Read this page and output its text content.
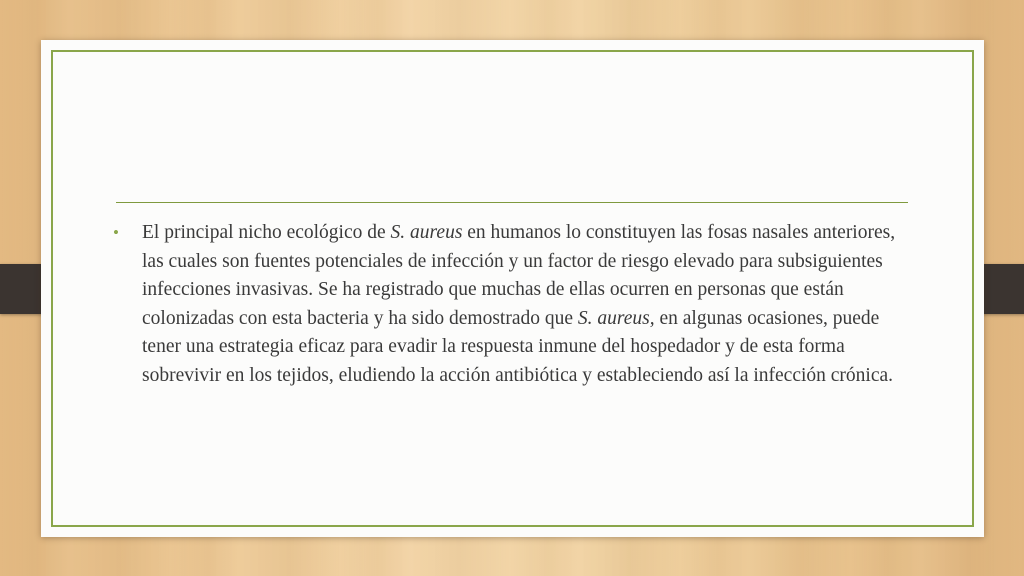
• El principal nicho ecológico de S. aureus en humanos lo constituyen las fosas nasales anteriores, las cuales son fuentes potenciales de infección y un factor de riesgo elevado para subsiguientes infecciones invasivas. Se ha registrado que muchas de ellas ocurren en personas que están colonizadas con esta bacteria y ha sido demostrado que S. aureus, en algunas ocasiones, puede tener una estrategia eficaz para evadir la respuesta inmune del hospedador y de esta forma sobrevivir en los tejidos, eludiendo la acción antibiótica y estableciendo así la infección crónica.
